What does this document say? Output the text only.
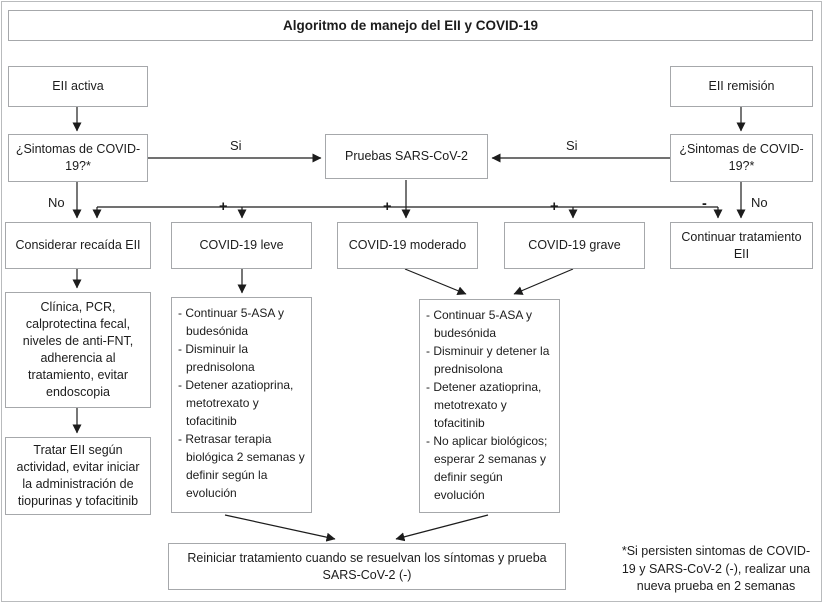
Algoritmo de manejo del EII y COVID-19
EII activa	EII remisión
¿Sintomas de COVID-19?*
Pruebas SARS-CoV-2	¿Sintomas de COVID-19?*
Considerar recaída EII	COVID-19 leve	COVID-19 moderado	COVID-19 grave
Continuar tratamiento EII
Clínica, PCR, calprotectina fecal, niveles de anti-FNT, adherencia al tratamiento, evitar endoscopia
Tratar EII según actividad, evitar iniciar la administración de tiopurinas y tofacitinib
- Continuar 5-ASA y budesónida
- Disminuir la prednisolona
- Detener azatioprina, metotrexato y tofacitinib
- Retrasar terapia biológica 2 semanas y definir según la evolución
- Continuar 5-ASA y budesónida
- Disminuir y detener la prednisolona
- Detener azatioprina, metotrexato y tofacitinib
- No aplicar biológicos; esperar 2 semanas y definir según evolución
Reiniciar tratamiento cuando se resuelvan los síntomas y prueba SARS-CoV-2 (-)
Si	Si
No	No
+	+	+	-
*Si persisten sintomas de COVID-
19 y SARS-CoV-2 (-), realizar una
nueva prueba en 2 semanas
